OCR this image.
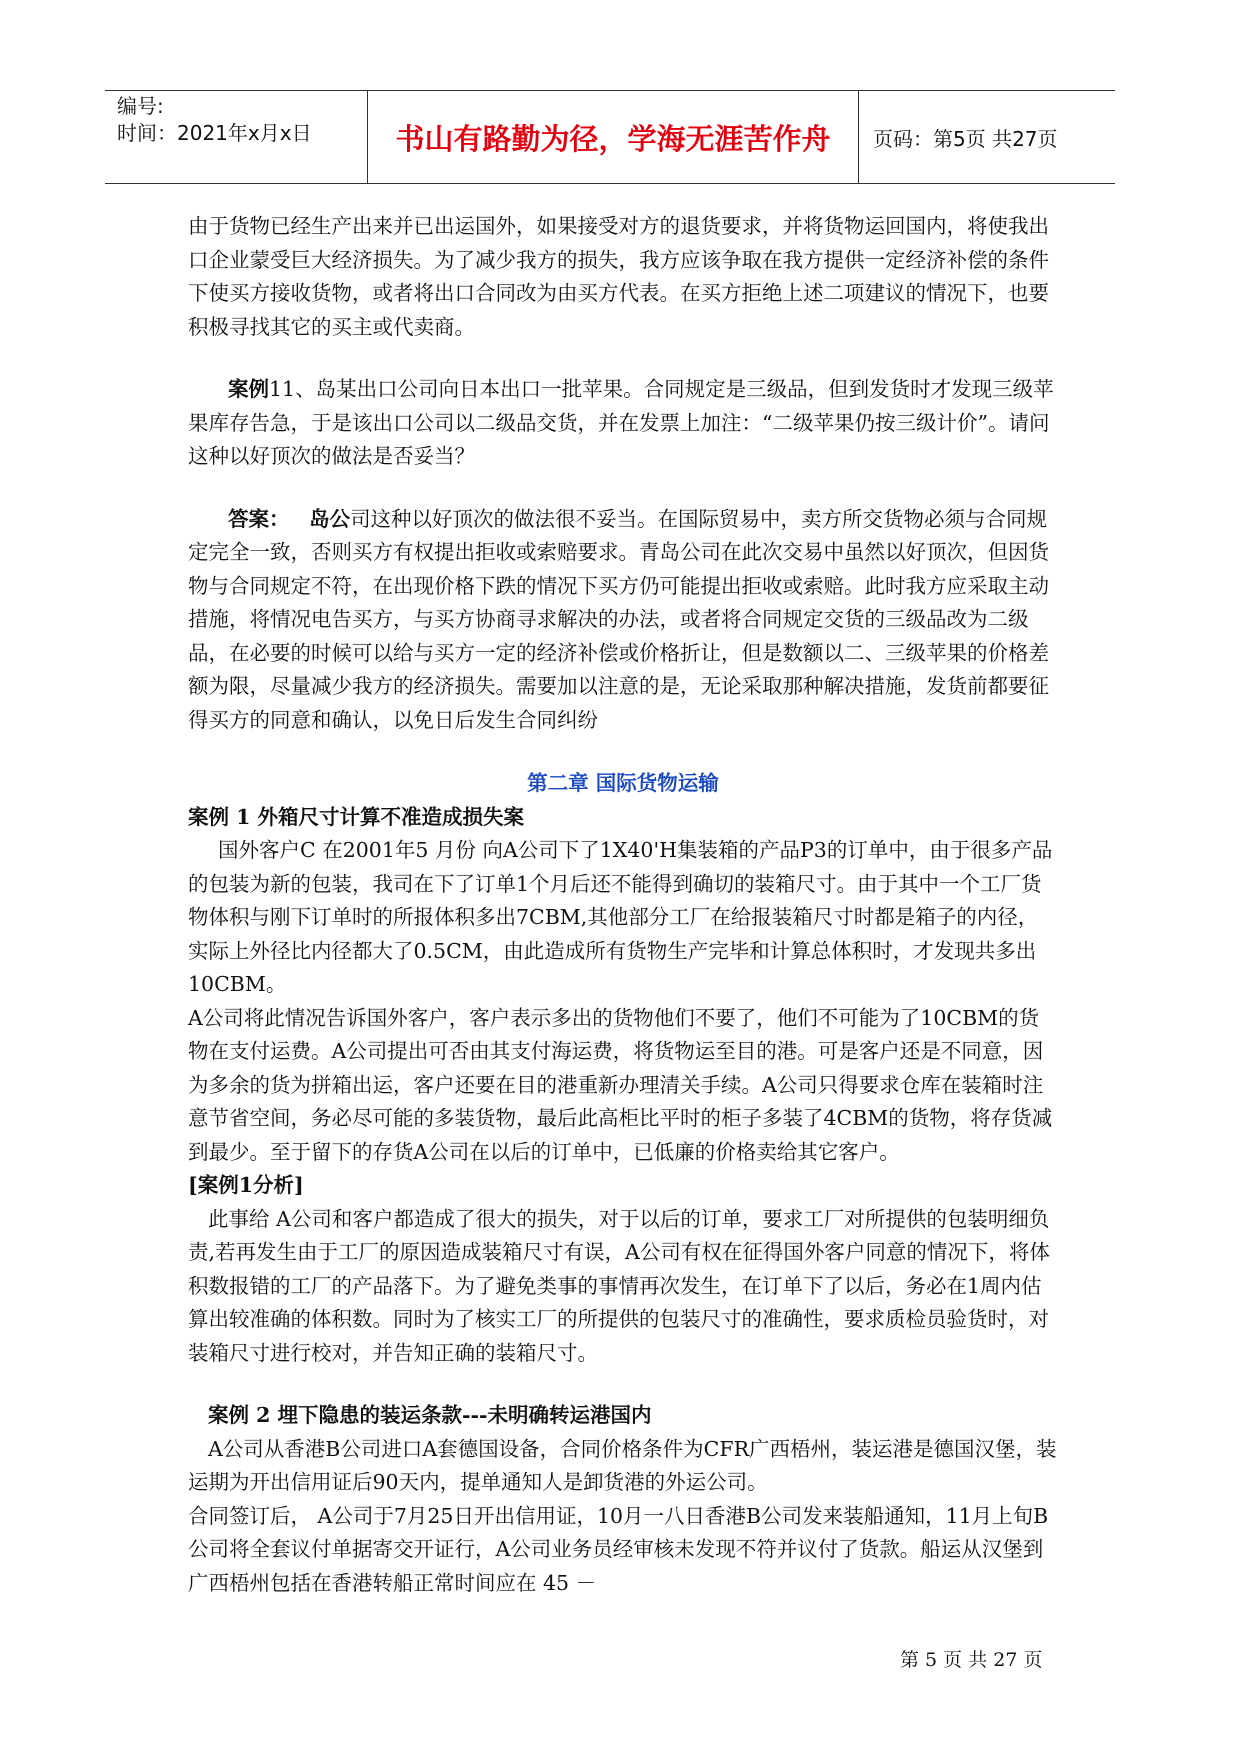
编号:
时间：2021年x月x日	书山有路勤为径，学海无涯苦作舟	页码：第5页 共27页

由于货物已经生产出来并已出运国外，如果接受对方的退货要求，并将货物运回国内，将使我出口企业蒙受巨大经济损失。为了减少我方的损失，我方应该争取在我方提供一定经济补偿的条件下使买方接收货物，或者将出口合同改为由买方代表。在买方拒绝上述二项建议的情况下，也要积极寻找其它的买主或代卖商。

案例11、岛某出口公司向日本出口一批苹果。合同规定是三级品，但到发货时才发现三级苹果库存告急，于是该出口公司以二级品交货，并在发票上加注：“二级苹果仍按三级计价”。请问这种以好顶次的做法是否妥当？

答案： 岛公司这种以好顶次的做法很不妥当。在国际贸易中，卖方所交货物必须与合同规定完全一致，否则买方有权提出拒收或索赔要求。青岛公司在此次交易中虽然以好顶次，但因货物与合同规定不符，在出现价格下跌的情况下买方仍可能提出拒收或索赔。此时我方应采取主动措施，将情况电告买方，与买方协商寻求解决的办法，或者将合同规定交货的三级品改为二级品，在必要的时候可以给与买方一定的经济补偿或价格折让，但是数额以二、三级苹果的价格差额为限，尽量减少我方的经济损失。需要加以注意的是，无论采取那种解决措施，发货前都要征得买方的同意和确认，以免日后发生合同纠纷

第二章 国际货物运输

案例 1 外箱尺寸计算不准造成损失案

国外客户C 在2001年5 月份 向A公司下了1X40'H集装箱的产品P3的订单中，由于很多产品的包装为新的包装，我司在下了订单1个月后还不能得到确切的装箱尺寸。由于其中一个工厂货物体积与刚下订单时的所报体积多出7CBM,其他部分工厂在给报装箱尺寸时都是箱子的内径，实际上外径比内径都大了0.5CM，由此造成所有货物生产完毕和计算总体积时，才发现共多出10CBM。

A公司将此情况告诉国外客户，客户表示多出的货物他们不要了，他们不可能为了10CBM的货物在支付运费。A公司提出可否由其支付海运费，将货物运至目的港。可是客户还是不同意，因为多余的货为拼箱出运，客户还要在目的港重新办理清关手续。A公司只得要求仓库在装箱时注意节省空间，务必尽可能的多装货物，最后此高柜比平时的柜子多装了4CBM的货物，将存货减到最少。至于留下的存货A公司在以后的订单中，已低廉的价格卖给其它客户。

[案例1分析]

此事给 A公司和客户都造成了很大的损失，对于以后的订单，要求工厂对所提供的包装明细负责,若再发生由于工厂的原因造成装箱尺寸有误，A公司有权在征得国外客户同意的情况下，将体积数报错的工厂的产品落下。为了避免类事的事情再次发生，在订单下了以后，务必在1周内估算出较准确的体积数。同时为了核实工厂的所提供的包装尺寸的准确性，要求质检员验货时，对装箱尺寸进行校对，并告知正确的装箱尺寸。

案例 2 埋下隐患的装运条款---未明确转运港国内

A公司从香港B公司进口A套德国设备，合同价格条件为CFR广西梧州，装运港是德国汉堡，装运期为开出信用证后90天内，提单通知人是卸货港的外运公司。

合同签订后， A公司于7月25日开出信用证，10月一八日香港B公司发来装船通知，11月上旬B公司将全套议付单据寄交开证行，A公司业务员经审核未发现不符并议付了货款。船运从汉堡到广西梧州包括在香港转船正常时间应在 45 －

第 5 页 共 27 页
